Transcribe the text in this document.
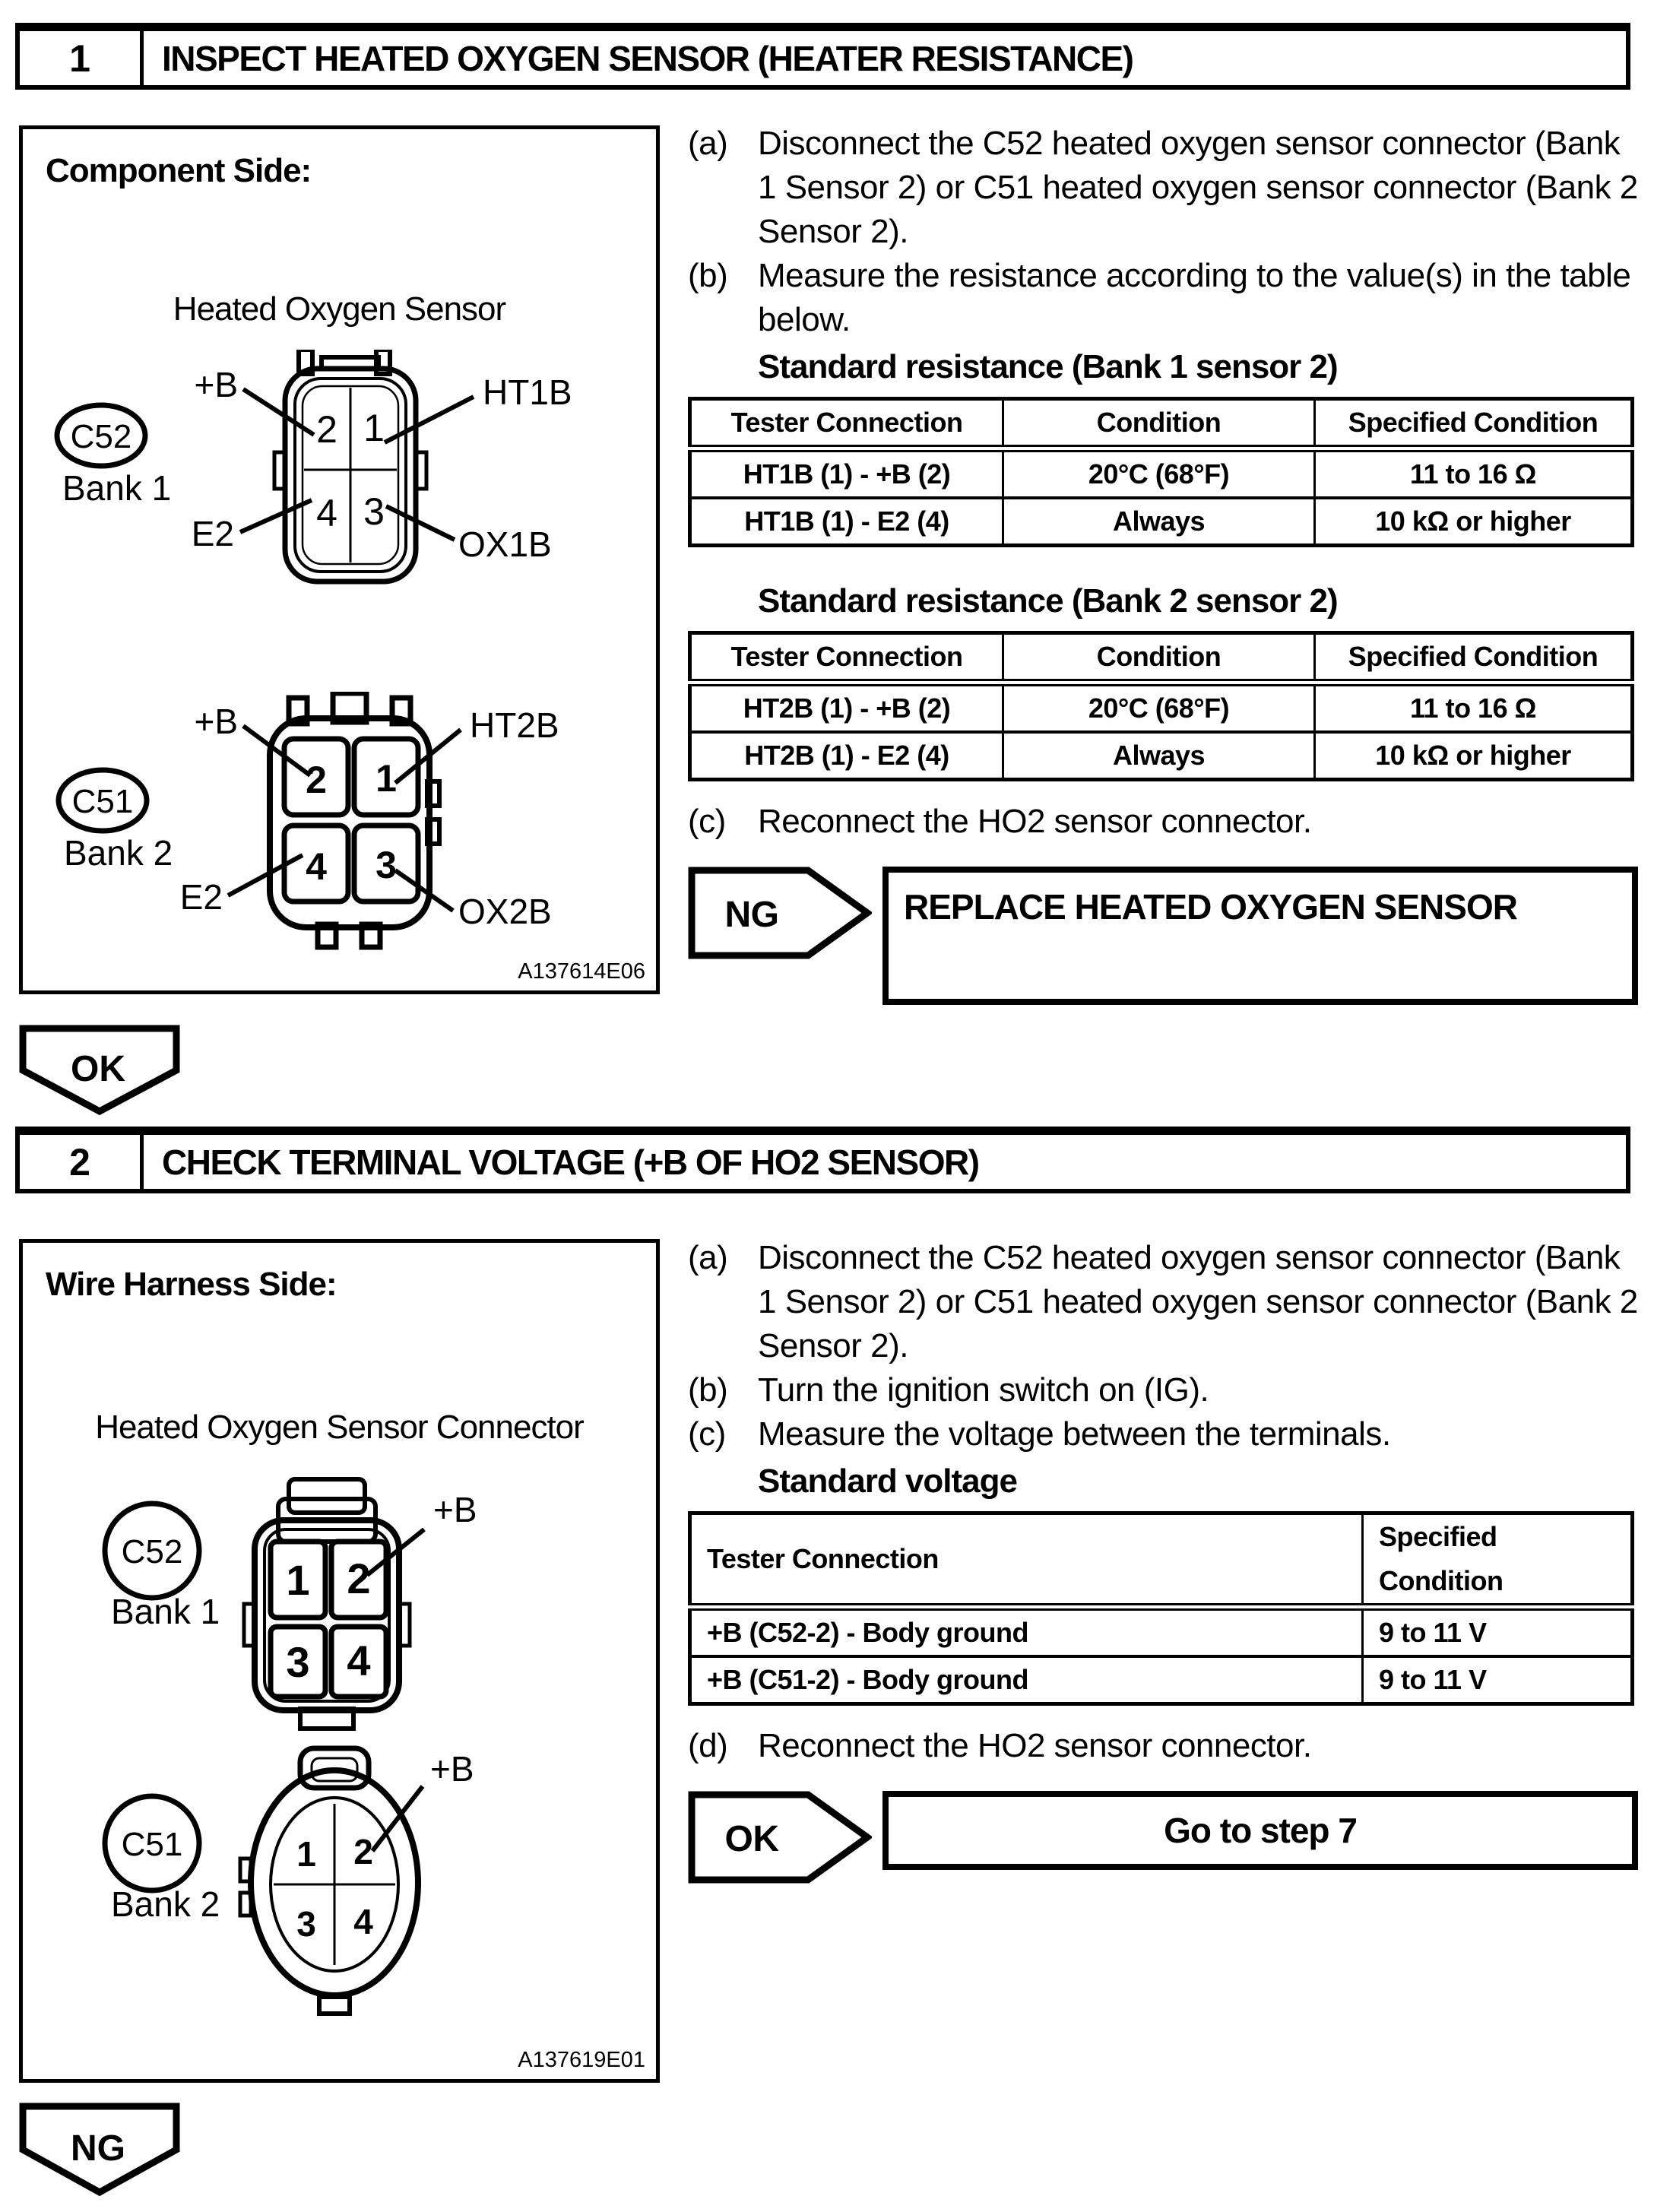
1	INSPECT HEATED OXYGEN SENSOR (HEATER RESISTANCE)
Component Side:
Heated Oxygen Sensor
C52
Bank 1
2 1
4 3
+B	HT1B
E2	OX1B
C51
Bank 2
2 1
4 3
+B	HT2B
E2	OX2B
A137614E06
(a) Disconnect the C52 heated oxygen sensor connector (Bank 1 Sensor 2) or C51 heated oxygen sensor connector (Bank 2 Sensor 2).
(b) Measure the resistance according to the value(s) in the table below.
Standard resistance (Bank 1 sensor 2)
Tester Connection	Condition	Specified Condition
HT1B (1) - +B (2)	20°C (68°F)	11 to 16 Ω
HT1B (1) - E2 (4)	Always	10 kΩ or higher
Standard resistance (Bank 2 sensor 2)
Tester Connection	Condition	Specified Condition
HT2B (1) - +B (2)	20°C (68°F)	11 to 16 Ω
HT2B (1) - E2 (4)	Always	10 kΩ or higher
(c) Reconnect the HO2 sensor connector.
NG	REPLACE HEATED OXYGEN SENSOR
OK
2	CHECK TERMINAL VOLTAGE (+B OF HO2 SENSOR)
Wire Harness Side:
Heated Oxygen Sensor Connector
C52
Bank 1
1 2
3 4
+B
C51
Bank 2
1 2
3 4
+B
A137619E01
(a) Disconnect the C52 heated oxygen sensor connector (Bank 1 Sensor 2) or C51 heated oxygen sensor connector (Bank 2 Sensor 2).
(b) Turn the ignition switch on (IG).
(c) Measure the voltage between the terminals.
Standard voltage
Tester Connection	Specified Condition
+B (C52-2) - Body ground	9 to 11 V
+B (C51-2) - Body ground	9 to 11 V
(d) Reconnect the HO2 sensor connector.
OK	Go to step 7
NG
